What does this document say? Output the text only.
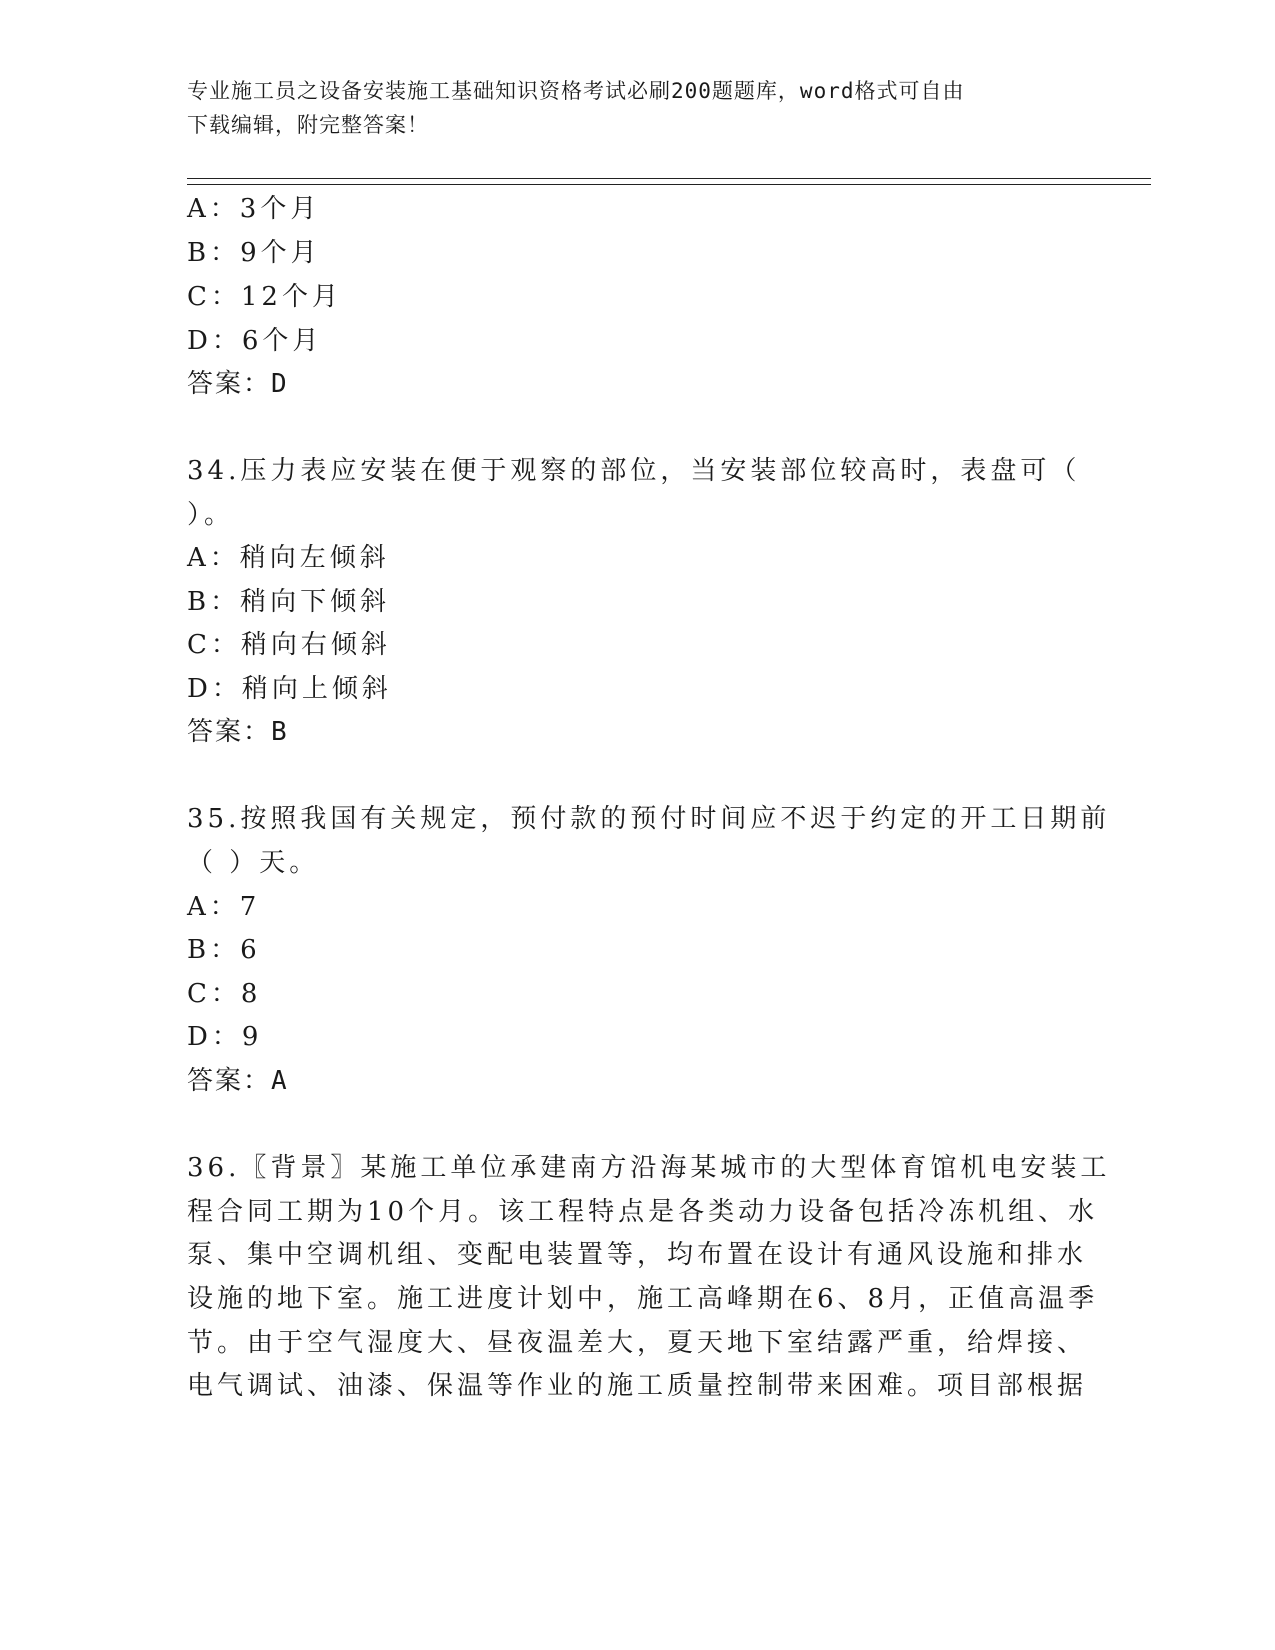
专业施工员之设备安装施工基础知识资格考试必刷200题题库，word格式可自由
下载编辑，附完整答案！

A：3个月

B：9个月

C：12个月

D：6个月

答案：D

34.压力表应安装在便于观察的部位，当安装部位较高时，表盘可（

）。

A：稍向左倾斜

B：稍向下倾斜

C：稍向右倾斜

D：稍向上倾斜

答案：B

35.按照我国有关规定，预付款的预付时间应不迟于约定的开工日期前

（ ）天。

A：7

B：6

C：8

D：9

答案：A

36.〖背景〗某施工单位承建南方沿海某城市的大型体育馆机电安装工

程合同工期为10个月。该工程特点是各类动力设备包括冷冻机组、水

泵、集中空调机组、变配电装置等，均布置在设计有通风设施和排水

设施的地下室。施工进度计划中，施工高峰期在6、8月，正值高温季

节。由于空气湿度大、昼夜温差大，夏天地下室结露严重，给焊接、

电气调试、油漆、保温等作业的施工质量控制带来困难。项目部根据
